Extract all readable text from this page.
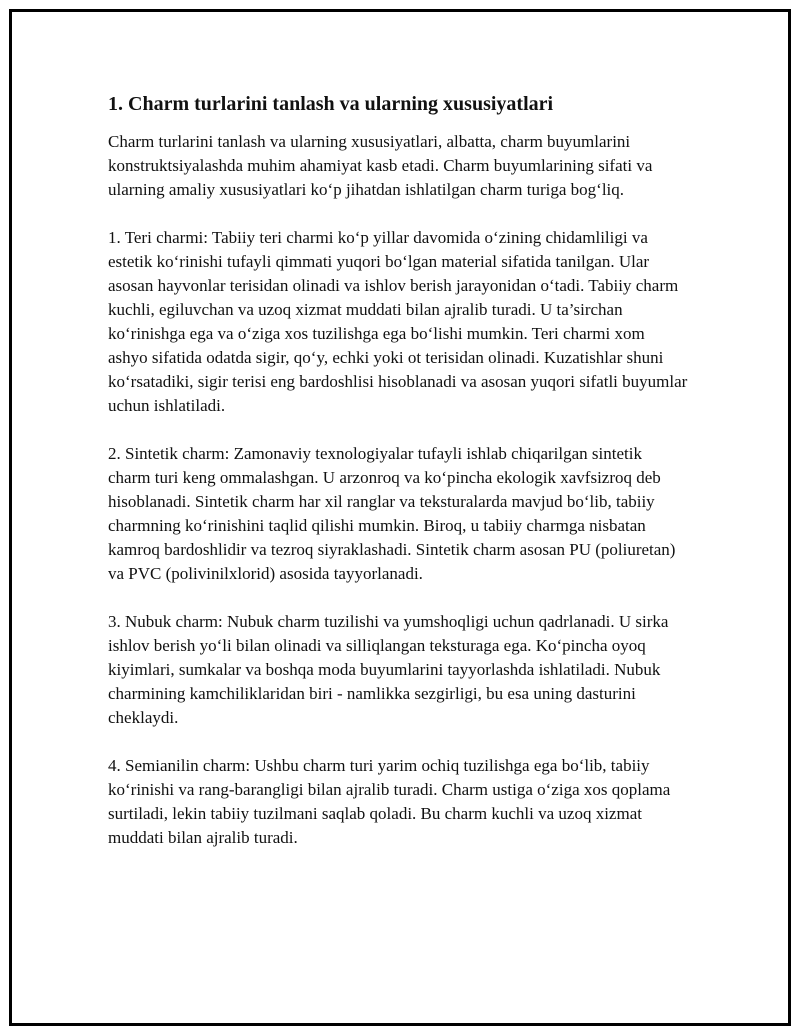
1. Charm turlarini tanlash va ularning xususiyatlari

Charm turlarini tanlash va ularning xususiyatlari, albatta, charm buyumlarini konstruktsiyalashda muhim ahamiyat kasb etadi. Charm buyumlarining sifati va ularning amaliy xususiyatlari ko‘p jihatdan ishlatilgan charm turiga bog‘liq.

1. Teri charmi: Tabiiy teri charmi ko‘p yillar davomida o‘zining chidamliligi va estetik ko‘rinishi tufayli qimmati yuqori bo‘lgan material sifatida tanilgan. Ular asosan hayvonlar terisidan olinadi va ishlov berish jarayonidan o‘tadi. Tabiiy charm kuchli, egiluvchan va uzoq xizmat muddati bilan ajralib turadi. U ta’sirchan ko‘rinishga ega va o‘ziga xos tuzilishga ega bo‘lishi mumkin. Teri charmi xom ashyo sifatida odatda sigir, qo‘y, echki yoki ot terisidan olinadi. Kuzatishlar shuni ko‘rsatadiki, sigir terisi eng bardoshlisi hisoblanadi va asosan yuqori sifatli buyumlar uchun ishlatiladi.

2. Sintetik charm: Zamonaviy texnologiyalar tufayli ishlab chiqarilgan sintetik charm turi keng ommalashgan. U arzonroq va ko‘pincha ekologik xavfsizroq deb hisoblanadi. Sintetik charm har xil ranglar va teksturalarda mavjud bo‘lib, tabiiy charmning ko‘rinishini taqlid qilishi mumkin. Biroq, u tabiiy charmga nisbatan kamroq bardoshlidir va tezroq siyraklashadi. Sintetik charm asosan PU (poliuretan) va PVC (polivinilxlorid) asosida tayyorlanadi.

3. Nubuk charm: Nubuk charm tuzilishi va yumshoqligi uchun qadrlanadi. U sirka ishlov berish yo‘li bilan olinadi va silliqlangan teksturaga ega. Ko‘pincha oyoq kiyimlari, sumkalar va boshqa moda buyumlarini tayyorlashda ishlatiladi. Nubuk charmining kamchiliklaridan biri - namlikka sezgirligi, bu esa uning dasturini cheklaydi.

4. Semianilin charm: Ushbu charm turi yarim ochiq tuzilishga ega bo‘lib, tabiiy ko‘rinishi va rang-barangligi bilan ajralib turadi. Charm ustiga o‘ziga xos qoplama surtiladi, lekin tabiiy tuzilmani saqlab qoladi. Bu charm kuchli va uzoq xizmat muddati bilan ajralib turadi.
